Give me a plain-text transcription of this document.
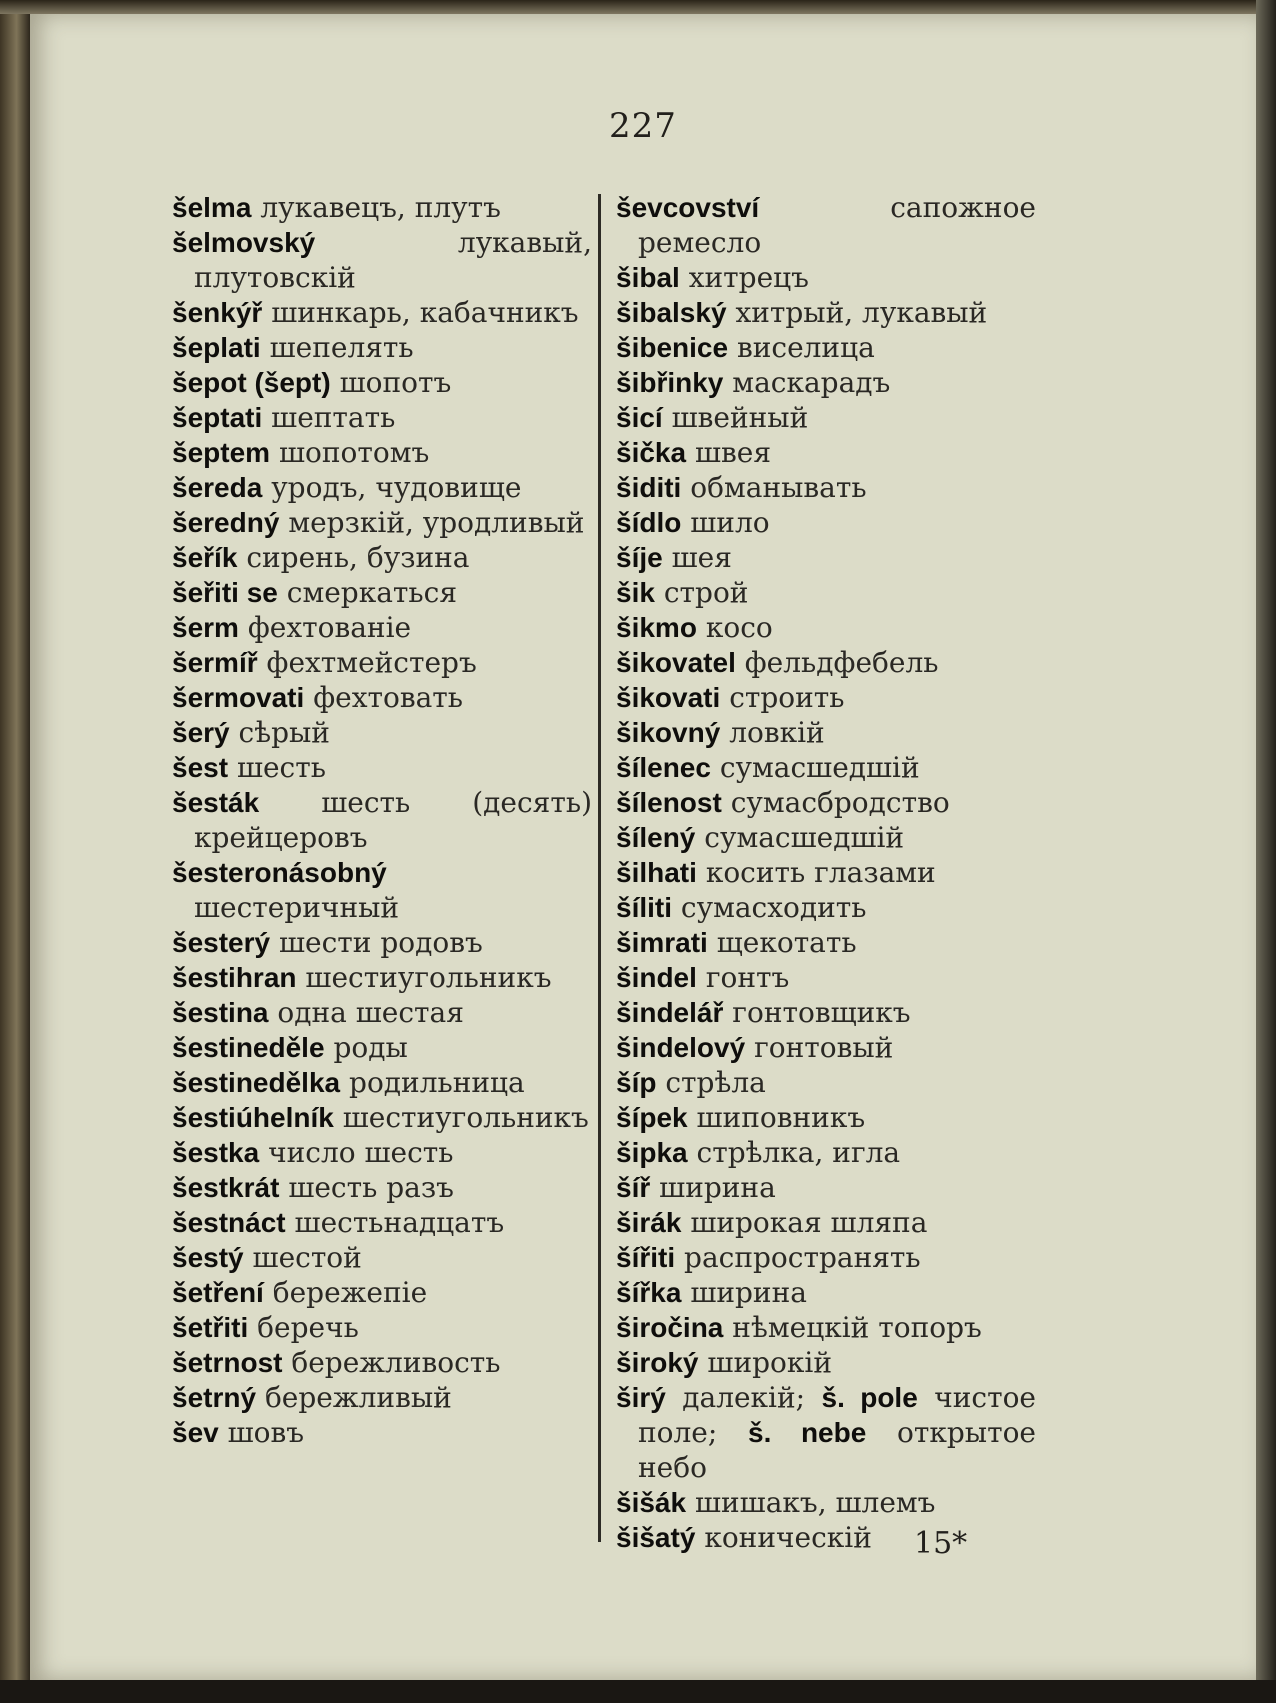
227
šelma лукавецъ, плутъ
šelmovský	лукавый, плутовскій
šenkýř шинкарь, кабачникъ
šeplati шепелять
šepot (šept) шопотъ
šeptati шептать
šeptem шопотомъ
šereda уродъ, чудовище
šeredný мерзкій, уродливый
šeřík сирень, бузина
šeřiti se смеркаться
šerm фехтованіе
šermíř фехтмейстеръ
šermovati фехтовать
šerý сѣрый
šest шесть
šesták шесть (десять) крейцеровъ
šesteronásobný шестеричный
šesterý шести родовъ
šestihran шестиугольникъ
šestina одна шестая
šestineděle роды
šestinedělka родильница
šestiúhelník шестиугольникъ
šestka число шесть
šestkrát шесть разъ
šestnáct шестьнадцатъ
šestý шестой
šetření бережепіе
šetřiti беречь
šetrnost бережливость
šetrný бережливый
šev шовъ
ševcovství	сапожное ремесло
šibal хитрецъ
šibalský хитрый, лукавый
šibenice виселица
šibřinky маскарадъ
šicí швейный
šička швея
šiditi обманывать
šídlo шило
šíje шея
šik строй
šikmo косо
šikovatel фельдфебель
šikovati строить
šikovný ловкій
šílenec сумасшедшій
šílenost сумасбродство
šílený сумасшедшій
šilhati косить глазами
šíliti сумасходить
šimrati щекотать
šindel гонтъ
šindelář гонтовщикъ
šindelový гонтовый
šíp стрѣла
šípek шиповникъ
šipka стрѣлка, игла
šíř ширина
širák широкая шляпа
šířiti распространять
šířka ширина
širočina нѣмецкій топоръ
široký широкій
širý далекій; š. pole чистое поле; š. nebe открытое небо
šišák шишакъ, шлемъ
šišatý коническій	15*
